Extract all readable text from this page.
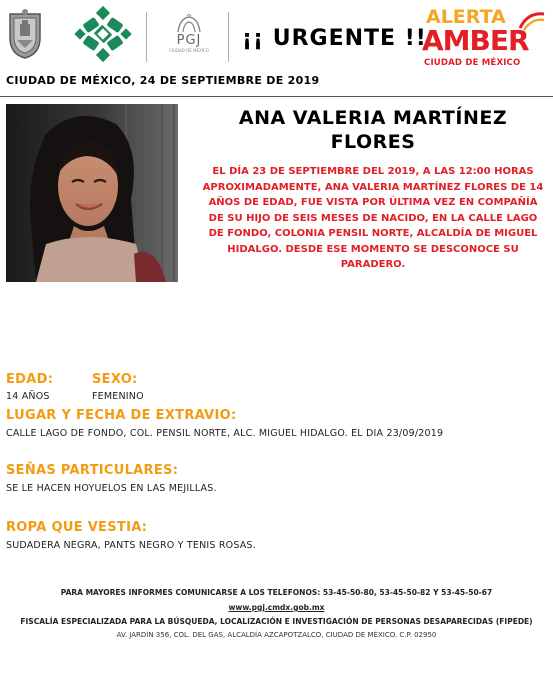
PGJ
CIUDAD DE MÉXICO	¡¡ URGENTE !!
ALERTA
AMBER
CIUDAD DE MÉXICO
CIUDAD DE MÉXICO, 24 DE SEPTIEMBRE DE 2019
ANA VALERIA MARTÍNEZ FLORES
EL DÍA 23 DE SEPTIEMBRE DEL 2019, A LAS 12:00 HORAS APROXIMADAMENTE, ANA VALERIA MARTÍNEZ FLORES DE 14 AÑOS DE EDAD, FUE VISTA POR ÚLTIMA VEZ EN COMPAÑÍA DE SU HIJO DE SEIS MESES DE NACIDO, EN LA CALLE LAGO DE FONDO, COLONIA PENSIL NORTE, ALCALDÍA DE MIGUEL HIDALGO. DESDE ESE MOMENTO SE DESCONOCE SU PARADERO.
EDAD:
14 AÑOS
SEXO:
FEMENINO
LUGAR Y FECHA DE EXTRAVIO:
CALLE LAGO DE FONDO, COL. PENSIL NORTE, ALC. MIGUEL HIDALGO. EL DIA 23/09/2019
SEÑAS PARTICULARES:
SE LE HACEN HOYUELOS EN LAS MEJILLAS.
ROPA QUE VESTIA:
SUDADERA NEGRA, PANTS NEGRO Y TENIS ROSAS.
PARA MAYORES INFORMES COMUNICARSE A LOS TELEFONOS: 53-45-50-80, 53-45-50-82 Y 53-45-50-67
www.pgj.cmdx.gob.mx
FISCALÍA ESPECIALIZADA PARA LA BÚSQUEDA, LOCALIZACIÓN E INVESTIGACIÓN DE PERSONAS DESAPARECIDAS (FIPEDE)
AV. JARDÍN 356, COL. DEL GAS, ALCALDÍA AZCAPOTZALCO, CIUDAD DE MÉXICO. C.P. 02950
